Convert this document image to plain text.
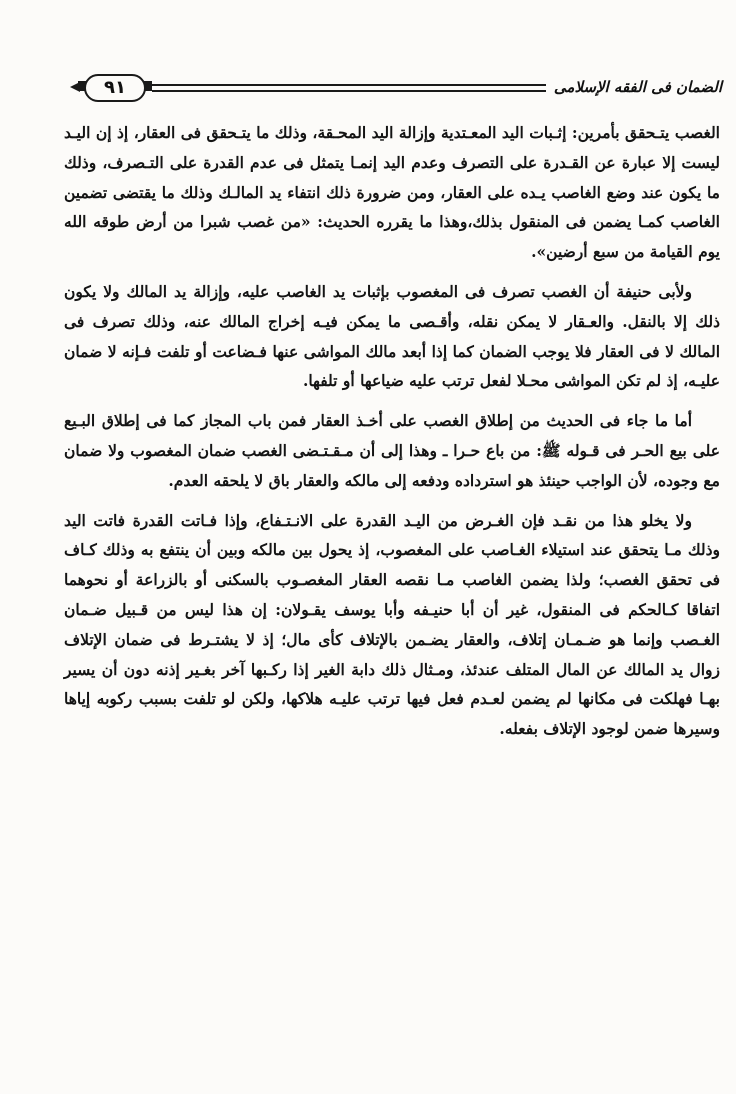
الضمان فى الفقه الإسلامى
٩١

الغصب يتـحقق بأمرين: إثـبات اليد المعـتدية وإزالة اليد المحـقة، وذلك ما يتـحقق فى العقار، إذ إن اليـد ليست إلا عبارة عن القـدرة على التصرف وعدم اليد إنمـا يتمثل فى عدم القدرة على التـصرف، وذلك ما يكون عند وضع الغاصب يـده على العقار، ومن ضرورة ذلك انتفاء يد المالـك وذلك ما يقتضى تضمين الغاصب كمـا يضمن فى المنقول بذلك،وهذا ما يقرره الحديث: «من غصب شبرا من أرض طوقه الله يوم القيامة من سبع أرضين».

ولأبى حنيفة أن الغصب تصرف فى المغصوب بإثبات يد الغاصب عليه، وإزالة يد المالك ولا يكون ذلك إلا بالنقل. والعـقار لا يمكن نقله، وأقـصى ما يمكن فيـه إخراج المالك عنه، وذلك تصرف فى المالك لا فى العقار فلا يوجب الضمان كما إذا أبعد مالك المواشى عنها فـضاعت أو تلفت فـإنه لا ضمان عليـه، إذ لم تكن المواشى محـلا لفعل ترتب عليه ضياعها أو تلفها.

أما ما جاء فى الحديث من إطلاق الغصب على أخـذ العقار فمن باب المجاز كما فى إطلاق البـيع على بيع الحـر فى قـوله ﷺ: من باع حـرا ـ وهذا إلى أن مـقـتـضى الغصب ضمان المغصوب ولا ضمان مع وجوده، لأن الواجب حينئذ هو استرداده ودفعه إلى مالكه والعقار باق لا يلحقه العدم.

ولا يخلو هذا من نقـد فإن الغـرض من اليـد القدرة على الانـتـفاع، وإذا فـاتت القدرة فاتت اليد وذلك مـا يتحقق عند استيلاء الغـاصب على المغصوب، إذ يحول بين مالكه وبين أن ينتفع به وذلك كـاف فى تحقق الغصب؛ ولذا يضمن الغاصب مـا نقصه العقار المغصـوب بالسكنى أو بالزراعة أو نحوهما اتفاقا كـالحكم فى المنقول، غير أن أبا حنيـفه وأبا يوسف يقـولان: إن هذا ليس من قـبيل ضـمان الغـصب وإنما هو ضـمـان إتلاف، والعقار يضـمن بالإتلاف كأى مال؛ إذ لا يشتـرط فى ضمان الإتلاف زوال يد المالك عن المال المتلف عندئذ، ومـثال ذلك دابة الغير إذا ركـبها آخر بغـير إذنه دون أن يسير بهـا فهلكت فى مكانها لم يضمن لعـدم فعل فيها ترتب عليـه هلاكها، ولكن لو تلفت بسبب ركوبه إياها وسيرها ضمن لوجود الإتلاف بفعله.
